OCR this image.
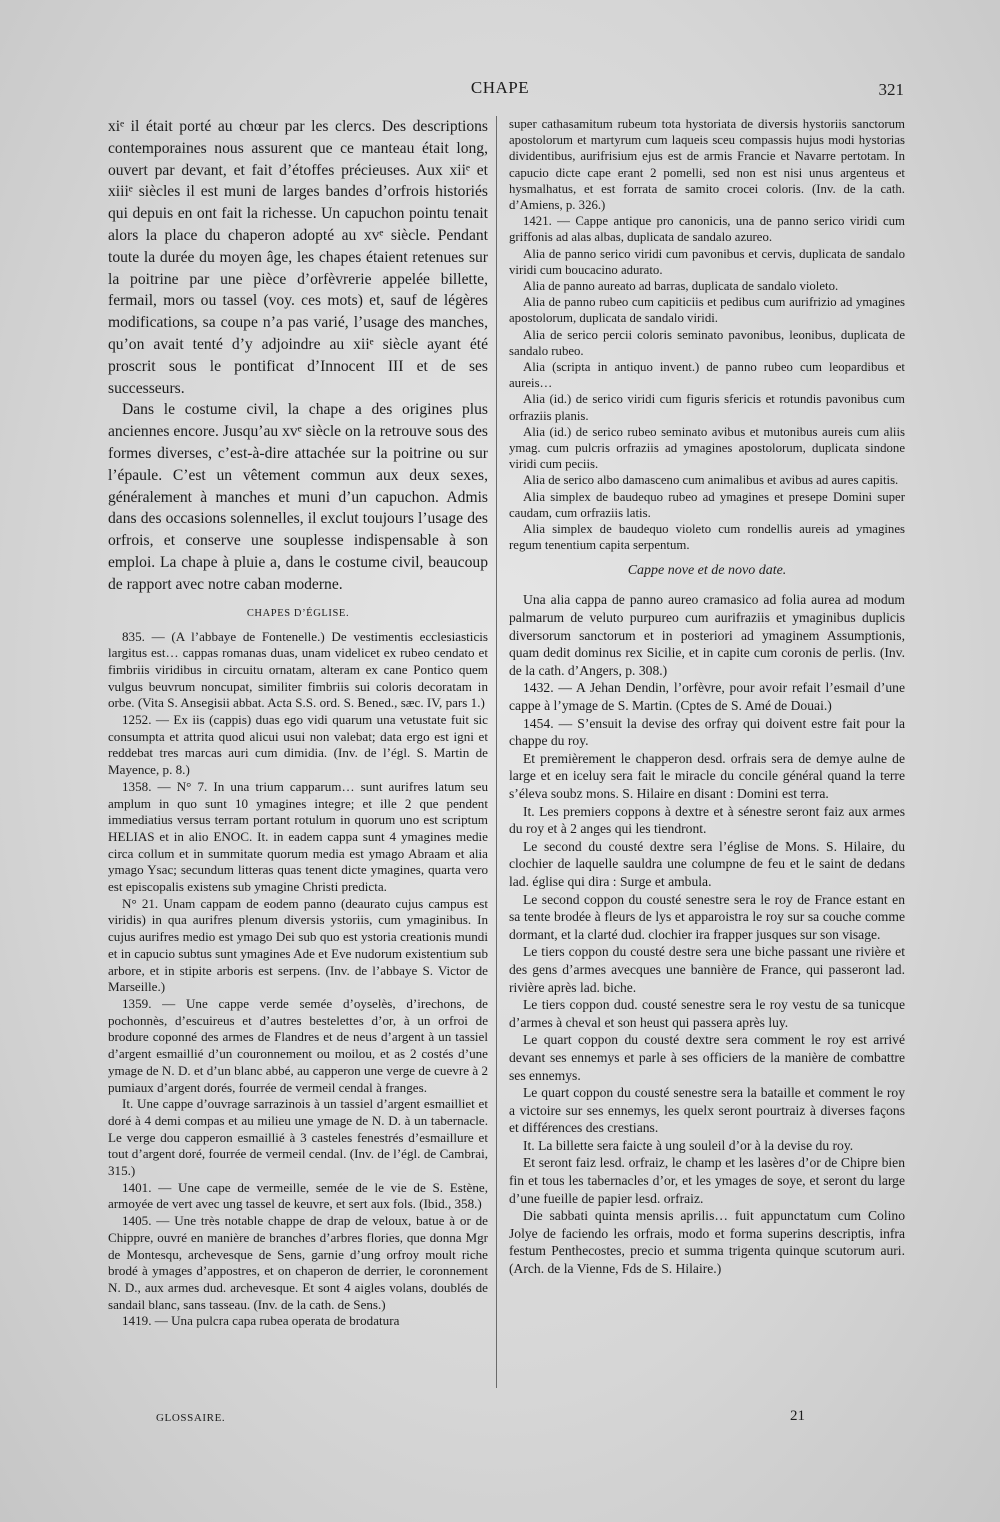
CHAPE	321

xiᵉ il était porté au chœur par les clercs. Des descriptions contemporaines nous assurent que ce manteau était long, ouvert par devant, et fait d’étoffes précieuses. Aux xiiᵉ et xiiiᵉ siècles il est muni de larges bandes d’orfrois historiés qui depuis en ont fait la richesse. Un capuchon pointu tenait alors la place du chaperon adopté au xvᵉ siècle. Pendant toute la durée du moyen âge, les chapes étaient retenues sur la poitrine par une pièce d’orfèvrerie appelée billette, fermail, mors ou tassel (voy. ces mots) et, sauf de légères modifications, sa coupe n’a pas varié, l’usage des manches, qu’on avait tenté d’y adjoindre au xiiᵉ siècle ayant été proscrit sous le pontificat d’Innocent III et de ses successeurs.

Dans le costume civil, la chape a des origines plus anciennes encore. Jusqu’au xvᵉ siècle on la retrouve sous des formes diverses, c’est-à-dire attachée sur la poitrine ou sur l’épaule. C’est un vêtement commun aux deux sexes, généralement à manches et muni d’un capuchon. Admis dans des occasions solennelles, il exclut toujours l’usage des orfrois, et conserve une souplesse indispensable à son emploi. La chape à pluie a, dans le costume civil, beaucoup de rapport avec notre caban moderne.

CHAPES D’ÉGLISE.

835. — (A l’abbaye de Fontenelle.) De vestimentis ecclesiasticis largitus est… cappas romanas duas, unam videlicet ex rubeo cendato et fimbriis viridibus in circuitu ornatam, alteram ex cane Pontico quem vulgus beuvrum noncupat, similiter fimbriis sui coloris decoratam in orbe. (Vita S. Ansegisii abbat. Acta S.S. ord. S. Bened., sæc. IV, pars 1.)

1252. — Ex iis (cappis) duas ego vidi quarum una vetustate fuit sic consumpta et attrita quod alicui usui non valebat; data ergo est igni et reddebat tres marcas auri cum dimidia. (Inv. de l’égl. S. Martin de Mayence, p. 8.)

1358. — N° 7. In una trium capparum… sunt aurifres latum seu amplum in quo sunt 10 ymagines integre; et ille 2 que pendent immediatius versus terram portant rotulum in quorum uno est scriptum HELIAS et in alio ENOC. It. in eadem cappa sunt 4 ymagines medie circa collum et in summitate quorum media est ymago Abraam et alia ymago Ysac; secundum litteras quas tenent dicte ymagines, quarta vero est episcopalis existens sub ymagine Christi predicta.

N° 21. Unam cappam de eodem panno (deaurato cujus campus est viridis) in qua aurifres plenum diversis ystoriis, cum ymaginibus. In cujus aurifres medio est ymago Dei sub quo est ystoria creationis mundi et in capucio subtus sunt ymagines Ade et Eve nudorum existentium sub arbore, et in stipite arboris est serpens. (Inv. de l’abbaye S. Victor de Marseille.)

1359. — Une cappe verde semée d’oyselès, d’irechons, de pochonnès, d’escuireus et d’autres bestelettes d’or, à un orfroi de brodure coponné des armes de Flandres et de neus d’argent à un tassiel d’argent esmaillié d’un couronnement ou moilou, et as 2 costés d’une ymage de N. D. et d’un blanc abbé, au capperon une verge de cuevre à 2 pumiaux d’argent dorés, fourrée de vermeil cendal à franges.

It. Une cappe d’ouvrage sarrazinois à un tassiel d’argent esmailliet et doré à 4 demi compas et au milieu une ymage de N. D. à un tabernacle. Le verge dou capperon esmaillié à 3 casteles fenestrés d’esmaillure et tout d’argent doré, fourrée de vermeil cendal. (Inv. de l’égl. de Cambrai, 315.)

1401. — Une cape de vermeille, semée de le vie de S. Estène, armoyée de vert avec ung tassel de keuvre, et sert aux fols. (Ibid., 358.)

1405. — Une très notable chappe de drap de veloux, batue à or de Chippre, ouvré en manière de branches d’arbres flories, que donna Mgr de Montesqu, archevesque de Sens, garnie d’ung orfroy moult riche brodé à ymages d’appostres, et on chaperon de derrier, le coronnement N. D., aux armes dud. archevesque. Et sont 4 aigles volans, doublés de sandail blanc, sans tasseau. (Inv. de la cath. de Sens.)

1419. — Una pulcra capa rubea operata de brodatura

super cathasamitum rubeum tota hystoriata de diversis hystoriis sanctorum apostolorum et martyrum cum laqueis sceu compassis hujus modi hystorias dividentibus, aurifrisium ejus est de armis Francie et Navarre pertotam. In capucio dicte cape erant 2 pomelli, sed non est nisi unus argenteus et hysmalhatus, et est forrata de samito crocei coloris. (Inv. de la cath. d’Amiens, p. 326.)

1421. — Cappe antique pro canonicis, una de panno serico viridi cum griffonis ad alas albas, duplicata de sandalo azureo.

Alia de panno serico viridi cum pavonibus et cervis, duplicata de sandalo viridi cum boucacino adurato.

Alia de panno aureato ad barras, duplicata de sandalo violeto.

Alia de panno rubeo cum capiticiis et pedibus cum aurifrizio ad ymagines apostolorum, duplicata de sandalo viridi.

Alia de serico percii coloris seminato pavonibus, leonibus, duplicata de sandalo rubeo.

Alia (scripta in antiquo invent.) de panno rubeo cum leopardibus et aureis…

Alia (id.) de serico viridi cum figuris sfericis et rotundis pavonibus cum orfraziis planis.

Alia (id.) de serico rubeo seminato avibus et mutonibus aureis cum aliis ymag. cum pulcris orfraziis ad ymagines apostolorum, duplicata sindone viridi cum peciis.

Alia de serico albo damasceno cum animalibus et avibus ad aures capitis.

Alia simplex de baudequo rubeo ad ymagines et presepe Domini super caudam, cum orfraziis latis.

Alia simplex de baudequo violeto cum rondellis aureis ad ymagines regum tenentium capita serpentum.

Cappe nove et de novo date.

Una alia cappa de panno aureo cramasico ad folia aurea ad modum palmarum de veluto purpureo cum aurifraziis et ymaginibus duplicis diversorum sanctorum et in posteriori ad ymaginem Assumptionis, quam dedit dominus rex Sicilie, et in capite cum coronis de perlis. (Inv. de la cath. d’Angers, p. 308.)

1432. — A Jehan Dendin, l’orfèvre, pour avoir refait l’esmail d’une cappe à l’ymage de S. Martin. (Cptes de S. Amé de Douai.)

1454. — S’ensuit la devise des orfray qui doivent estre fait pour la chappe du roy.

Et premièrement le chapperon desd. orfrais sera de demye aulne de large et en iceluy sera fait le miracle du concile général quand la terre s’éleva soubz mons. S. Hilaire en disant : Domini est terra.

It. Les premiers coppons à dextre et à sénestre seront faiz aux armes du roy et à 2 anges qui les tiendront.

Le second du cousté dextre sera l’église de Mons. S. Hilaire, du clochier de laquelle sauldra une columpne de feu et le saint de dedans lad. église qui dira : Surge et ambula.

Le second coppon du cousté senestre sera le roy de France estant en sa tente brodée à fleurs de lys et apparoistra le roy sur sa couche comme dormant, et la clarté dud. clochier ira frapper jusques sur son visage.

Le tiers coppon du cousté destre sera une biche passant une rivière et des gens d’armes avecques une bannière de France, qui passeront lad. rivière après lad. biche.

Le tiers coppon dud. cousté senestre sera le roy vestu de sa tunicque d’armes à cheval et son heust qui passera après luy.

Le quart coppon du cousté dextre sera comment le roy est arrivé devant ses ennemys et parle à ses officiers de la manière de combattre ses ennemys.

Le quart coppon du cousté senestre sera la bataille et comment le roy a victoire sur ses ennemys, les quelx seront pourtraiz à diverses façons et différences des crestians.

It. La billette sera faicte à ung souleil d’or à la devise du roy.

Et seront faiz lesd. orfraiz, le champ et les lasères d’or de Chipre bien fin et tous les tabernacles d’or, et les ymages de soye, et seront du large d’une fueille de papier lesd. orfraiz.

Die sabbati quinta mensis aprilis… fuit appunctatum cum Colino Jolye de faciendo les orfrais, modo et forma superins descriptis, infra festum Penthecostes, precio et summa trigenta quinque scutorum auri. (Arch. de la Vienne, Fds de S. Hilaire.)

GLOSSAIRE.	21
